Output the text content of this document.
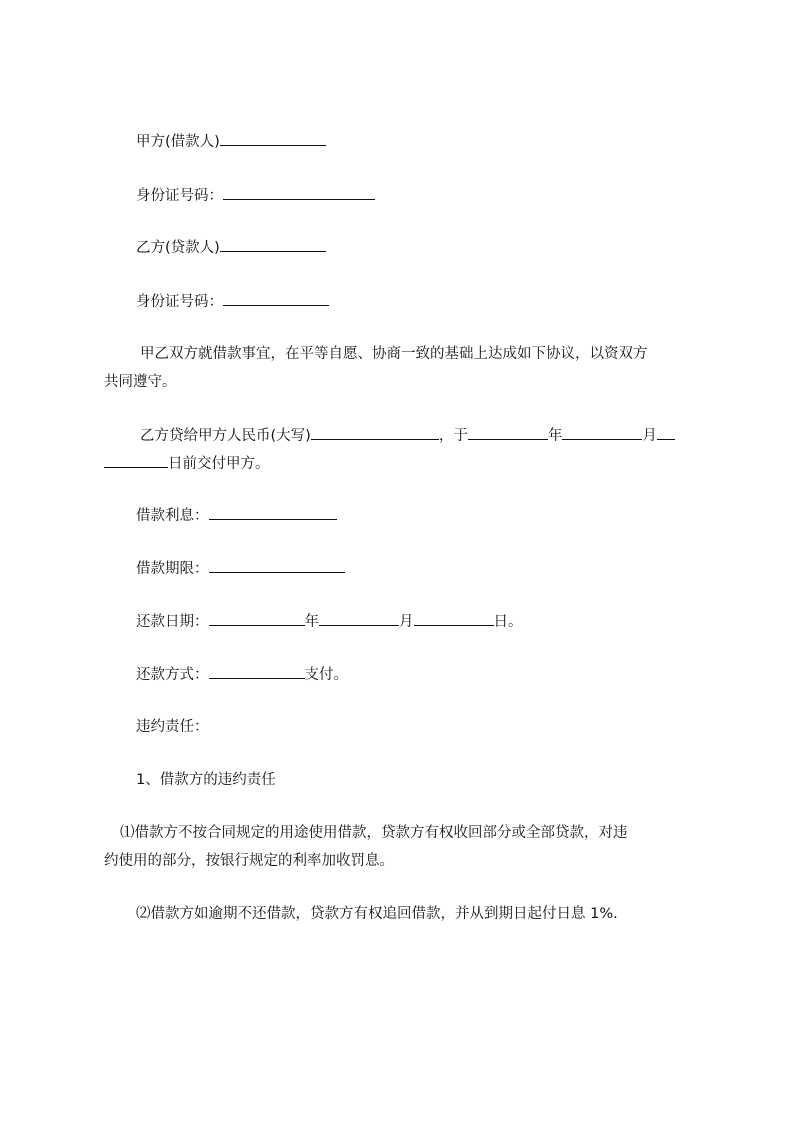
甲方(借款人)
身份证号码：
乙方(贷款人)
身份证号码：
甲乙双方就借款事宜，在平等自愿、协商一致的基础上达成如下协议，以资双方
共同遵守。
乙方贷给甲方人民币(大写)	，于	年	月
日前交付甲方。
借款利息：
借款期限：
还款日期：	年	月	日。
还款方式：	支付。
违约责任：
1、借款方的违约责任
⑴借款方不按合同规定的用途使用借款，贷款方有权收回部分或全部贷款，对违
约使用的部分，按银行规定的利率加收罚息。
⑵借款方如逾期不还借款，贷款方有权追回借款，并从到期日起付日息 1%.
